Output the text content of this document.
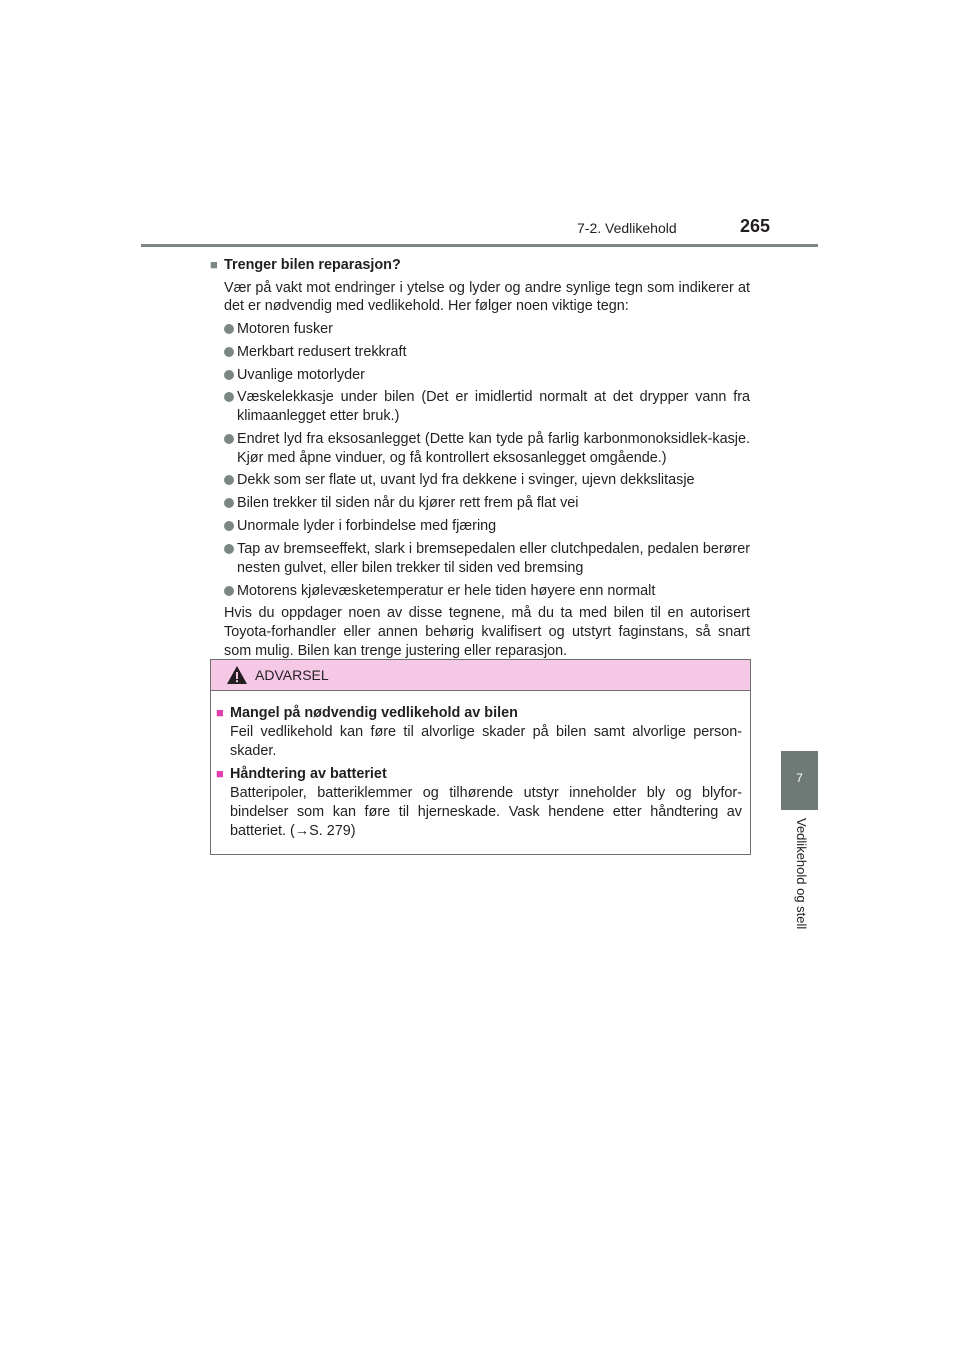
7-2. Vedlikehold	265
7
Vedlikehold og stell
■ Trenger bilen reparasjon?
Vær på vakt mot endringer i ytelse og lyder og andre synlige tegn som indikerer at det er nødvendig med vedlikehold. Her følger noen viktige tegn:
Motoren fusker
Merkbart redusert trekkraft
Uvanlige motorlyder
Væskelekkasje under bilen (Det er imidlertid normalt at det drypper vann fra klimaanlegget etter bruk.)
Endret lyd fra eksosanlegget (Dette kan tyde på farlig karbonmonoksidlek-kasje. Kjør med åpne vinduer, og få kontrollert eksosanlegget omgående.)
Dekk som ser flate ut, uvant lyd fra dekkene i svinger, ujevn dekkslitasje
Bilen trekker til siden når du kjører rett frem på flat vei
Unormale lyder i forbindelse med fjæring
Tap av bremseeffekt, slark i bremsepedalen eller clutchpedalen, pedalen berører nesten gulvet, eller bilen trekker til siden ved bremsing
Motorens kjølevæsketemperatur er hele tiden høyere enn normalt
Hvis du oppdager noen av disse tegnene, må du ta med bilen til en autorisert Toyota-forhandler eller annen behørig kvalifisert og utstyrt faginstans, så snart som mulig. Bilen kan trenge justering eller reparasjon.
ADVARSEL
■ Mangel på nødvendig vedlikehold av bilen
Feil vedlikehold kan føre til alvorlige skader på bilen samt alvorlige person-skader.
■ Håndtering av batteriet
Batteripoler, batteriklemmer og tilhørende utstyr inneholder bly og blyfor-bindelser som kan føre til hjerneskade. Vask hendene etter håndtering av batteriet. (→S. 279)
